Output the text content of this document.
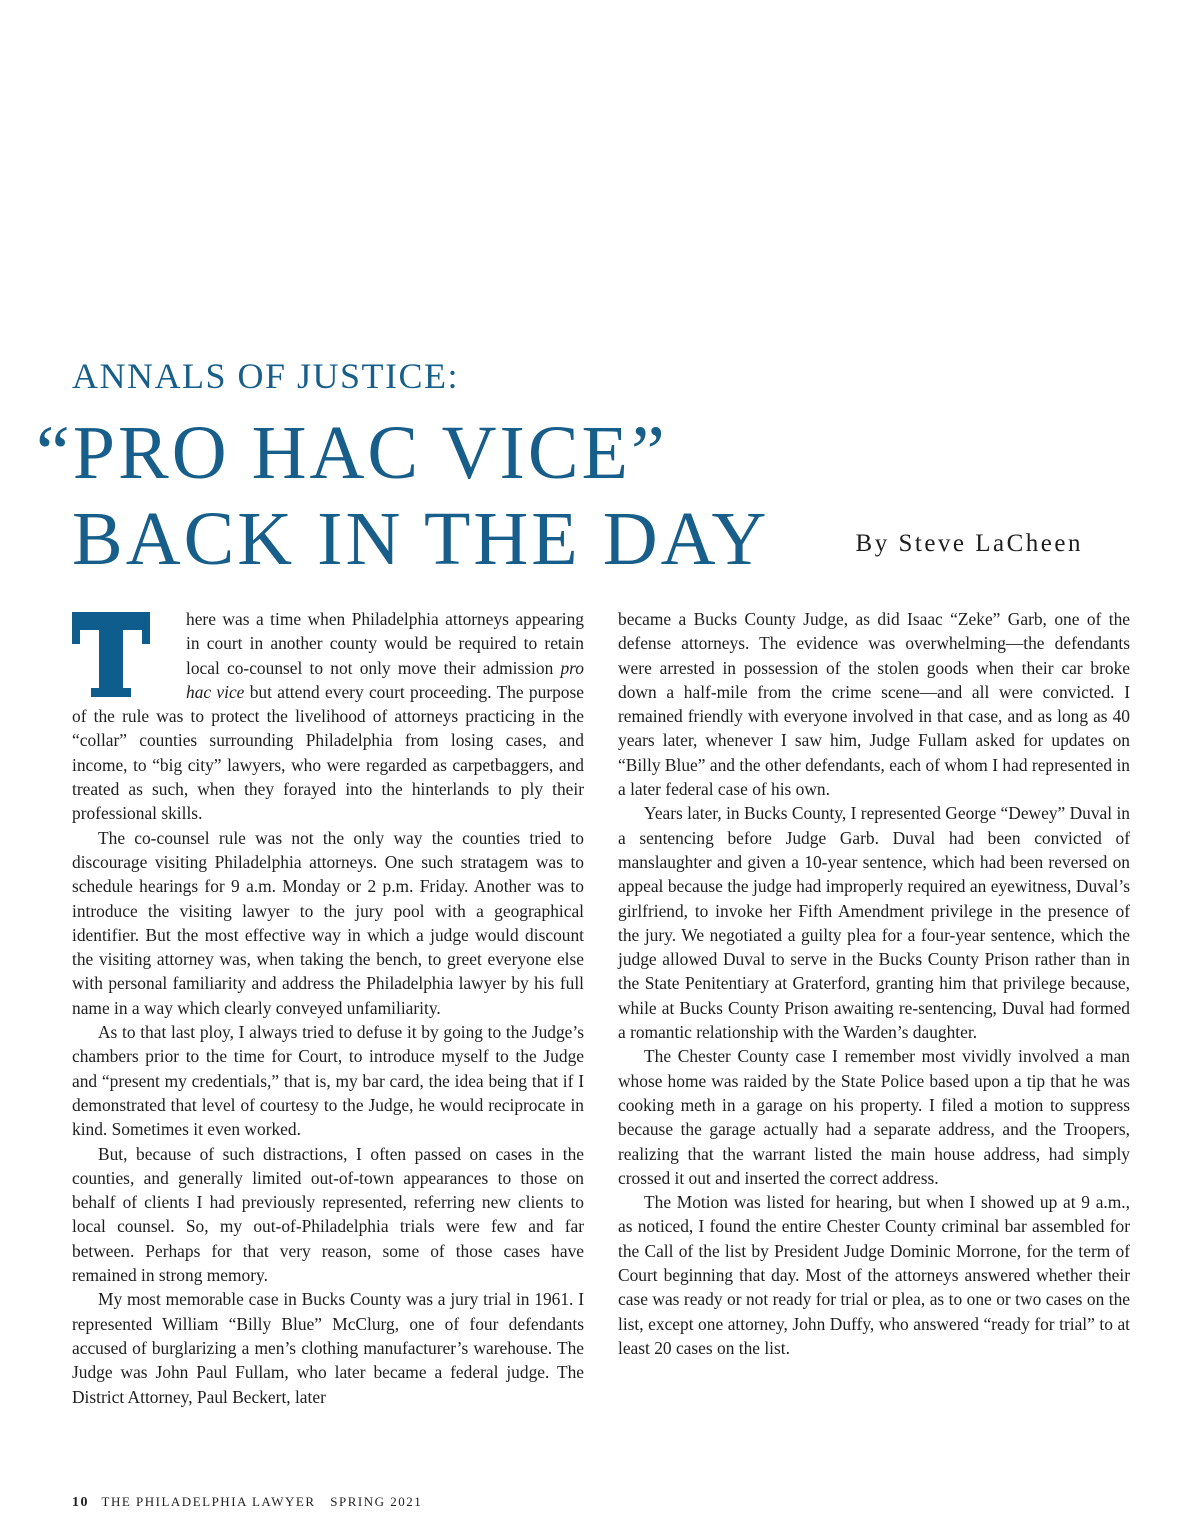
ANNALS OF JUSTICE:
“PRO HAC VICE”
BACK IN THE DAY	By Steve LaCheen

here was a time when Philadelphia attorneys appearing in court in another county would be required to retain local co-counsel to not only move their admission pro hac vice but attend every court proceeding. The purpose of the rule was to protect the livelihood of attorneys practicing in the “collar” counties surrounding Philadelphia from losing cases, and income, to “big city” lawyers, who were regarded as carpetbaggers, and treated as such, when they forayed into the hinterlands to ply their professional skills.

The co-counsel rule was not the only way the counties tried to discourage visiting Philadelphia attorneys. One such stratagem was to schedule hearings for 9 a.m. Monday or 2 p.m. Friday. Another was to introduce the visiting lawyer to the jury pool with a geographical identifier. But the most effective way in which a judge would discount the visiting attorney was, when taking the bench, to greet everyone else with personal familiarity and address the Philadelphia lawyer by his full name in a way which clearly conveyed unfamiliarity.

As to that last ploy, I always tried to defuse it by going to the Judge’s chambers prior to the time for Court, to introduce myself to the Judge and “present my credentials,” that is, my bar card, the idea being that if I demonstrated that level of courtesy to the Judge, he would reciprocate in kind. Sometimes it even worked.

But, because of such distractions, I often passed on cases in the counties, and generally limited out-of-town appearances to those on behalf of clients I had previously represented, referring new clients to local counsel. So, my out-of-Philadelphia trials were few and far between. Perhaps for that very reason, some of those cases have remained in strong memory.

My most memorable case in Bucks County was a jury trial in 1961. I represented William “Billy Blue” McClurg, one of four defendants accused of burglarizing a men’s clothing manufacturer’s warehouse. The Judge was John Paul Fullam, who later became a federal judge. The District Attorney, Paul Beckert, later

became a Bucks County Judge, as did Isaac “Zeke” Garb, one of the defense attorneys. The evidence was overwhelming—the defendants were arrested in possession of the stolen goods when their car broke down a half-mile from the crime scene—and all were convicted. I remained friendly with everyone involved in that case, and as long as 40 years later, whenever I saw him, Judge Fullam asked for updates on “Billy Blue” and the other defendants, each of whom I had represented in a later federal case of his own.

Years later, in Bucks County, I represented George “Dewey” Duval in a sentencing before Judge Garb. Duval had been convicted of manslaughter and given a 10-year sentence, which had been reversed on appeal because the judge had improperly required an eyewitness, Duval’s girlfriend, to invoke her Fifth Amendment privilege in the presence of the jury. We negotiated a guilty plea for a four-year sentence, which the judge allowed Duval to serve in the Bucks County Prison rather than in the State Penitentiary at Graterford, granting him that privilege because, while at Bucks County Prison awaiting re-sentencing, Duval had formed a romantic relationship with the Warden’s daughter.

The Chester County case I remember most vividly involved a man whose home was raided by the State Police based upon a tip that he was cooking meth in a garage on his property. I filed a motion to suppress because the garage actually had a separate address, and the Troopers, realizing that the warrant listed the main house address, had simply crossed it out and inserted the correct address.

The Motion was listed for hearing, but when I showed up at 9 a.m., as noticed, I found the entire Chester County criminal bar assembled for the Call of the list by President Judge Dominic Morrone, for the term of Court beginning that day. Most of the attorneys answered whether their case was ready or not ready for trial or plea, as to one or two cases on the list, except one attorney, John Duffy, who answered “ready for trial” to at least 20 cases on the list.

10 THE PHILADELPHIA LAWYER SPRING 2021
